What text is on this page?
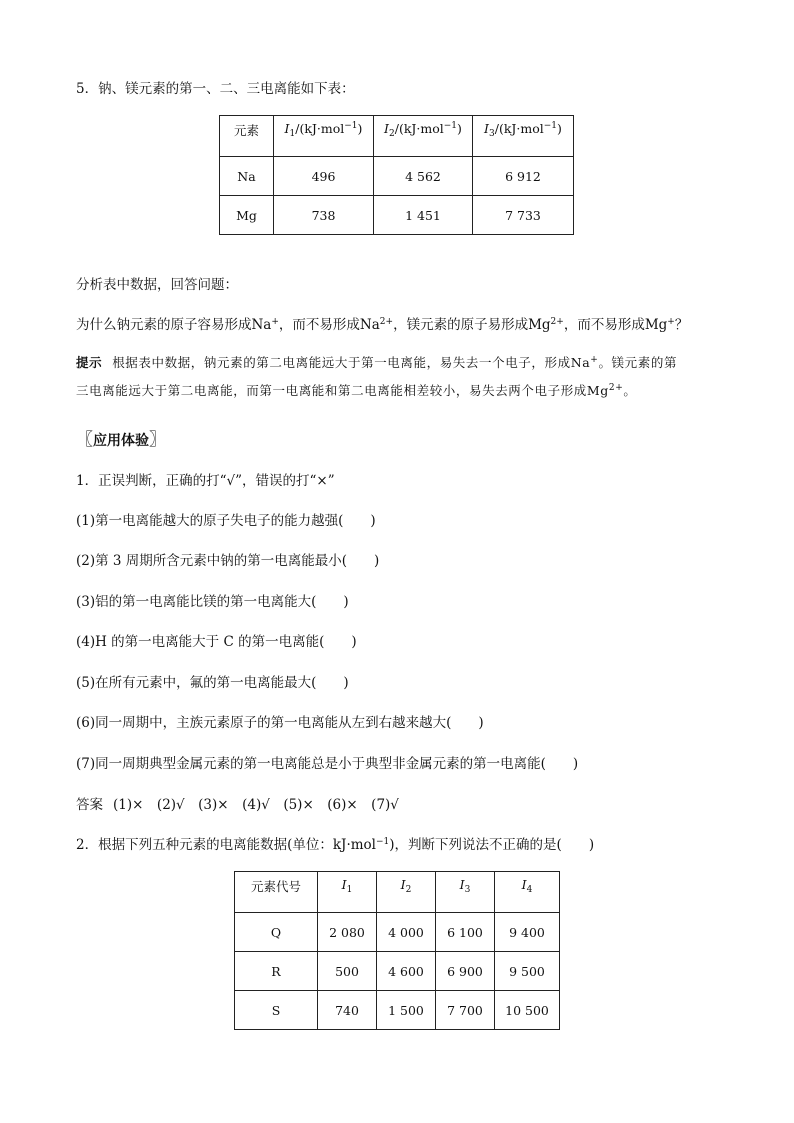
5．钠、镁元素的第一、二、三电离能如下表：
元素	$I_1/(kJ\cdot mol^{-1})$	$I_2/(kJ\cdot mol^{-1})$	$I_3/(kJ\cdot mol^{-1})$
Na	496	4 562	6 912
Mg	738	1 451	7 733
分析表中数据，回答问题：
为什么钠元素的原子容易形成Na+，而不易形成$Na^{2+}$，镁元素的原子易形成$Mg^{2+}$，而不易形成Mg+？
提示 根据表中数据，钠元素的第二电离能远大于第一电离能，易失去一个电子，形成Na+。镁元素的第
三电离能远大于第二电离能，而第一电离能和第二电离能相差较小，易失去两个电子形成$Mg^{2+}$。
〖应用体验〗
1．正误判断，正确的打“√”，错误的打“×”
(1)第一电离能越大的原子失电子的能力越强(　　)
(2)第 3 周期所含元素中钠的第一电离能最小(　　)
(3)铝的第一电离能比镁的第一电离能大(　　)
(4)H 的第一电离能大于 C 的第一电离能(　　)
(5)在所有元素中，氟的第一电离能最大(　　)
(6)同一周期中，主族元素原子的第一电离能从左到右越来越大(　　)
(7)同一周期典型金属元素的第一电离能总是小于典型非金属元素的第一电离能(　　)
答案 (1)×　(2)√　(3)×　(4)√　(5)×　(6)×　(7)√
2．根据下列五种元素的电离能数据(单位：kJ·mol$^{-1}$)，判断下列说法不正确的是(　　)
元素代号	$I_1$	$I_2$	$I_3$	$I_4$
Q	2 080	4 000	6 100	9 400
R	500	4 600	6 900	9 500
S	740	1 500	7 700	10 500
